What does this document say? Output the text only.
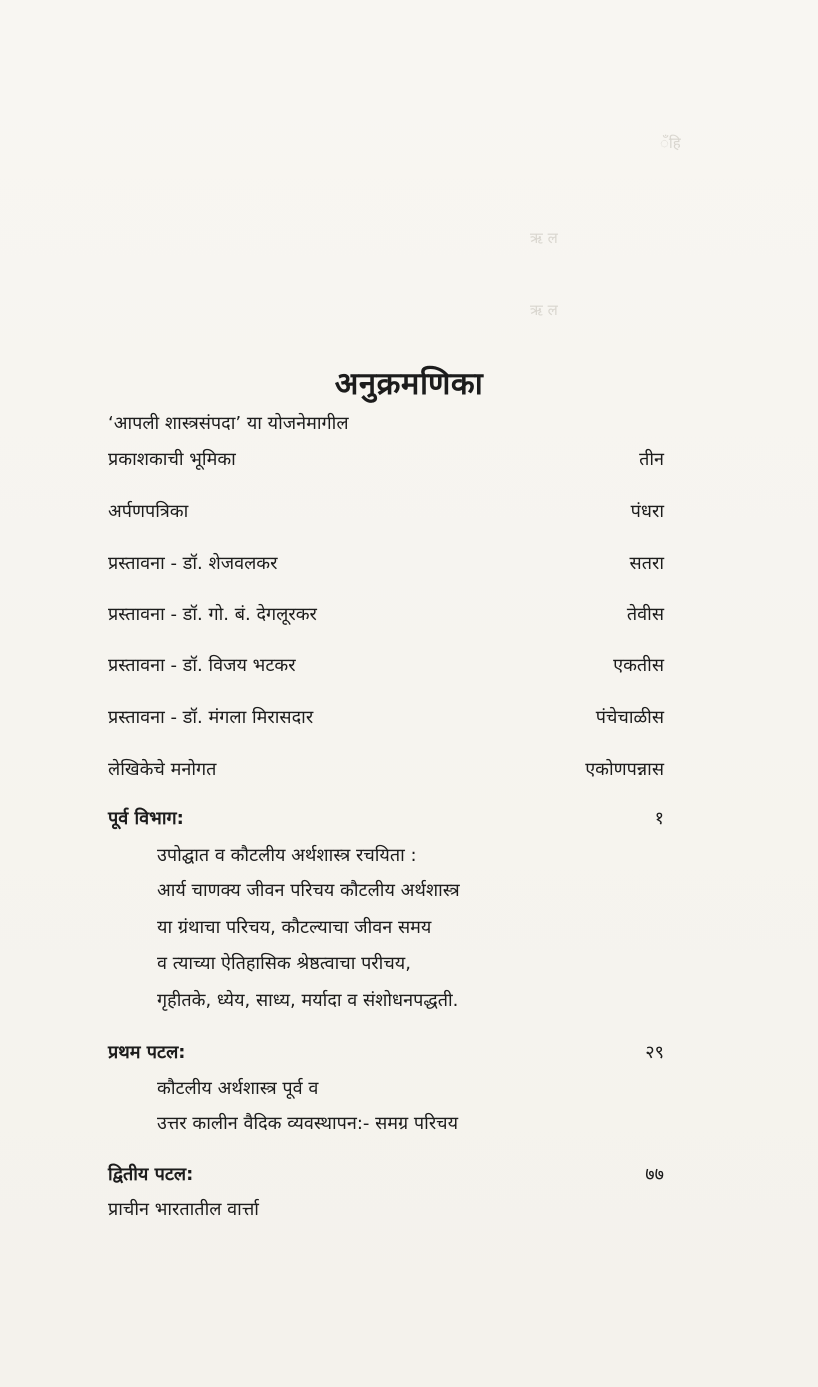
ँहि
ऋ ल
ऋ ल
अनुक्रमणिका
‘आपली शास्त्रसंपदा’ या योजनेमागील
प्रकाशकाची भूमिका	तीन
अर्पणपत्रिका	पंधरा
प्रस्तावना - डॉ. शेजवलकर	सतरा
प्रस्तावना - डॉ. गो. बं. देगलूरकर	तेवीस
प्रस्तावना - डॉ. विजय भटकर	एकतीस
प्रस्तावना - डॉ. मंगला मिरासदार	पंचेचाळीस
लेखिकेचे मनोगत	एकोणपन्नास
पूर्व विभाग:	१
उपोद्घात व कौटलीय अर्थशास्त्र रचयिता :
आर्य चाणक्य जीवन परिचय कौटलीय अर्थशास्त्र
या ग्रंथाचा परिचय, कौटल्याचा जीवन समय
व त्याच्या ऐतिहासिक श्रेष्ठत्वाचा परीचय,
गृहीतके, ध्येय, साध्य, मर्यादा व संशोधनपद्धती.
प्रथम पटल:	२९
कौटलीय अर्थशास्त्र पूर्व व
उत्तर कालीन वैदिक व्यवस्थापन:- समग्र परिचय
द्वितीय पटल:	७७
प्राचीन भारतातील वार्त्ता
